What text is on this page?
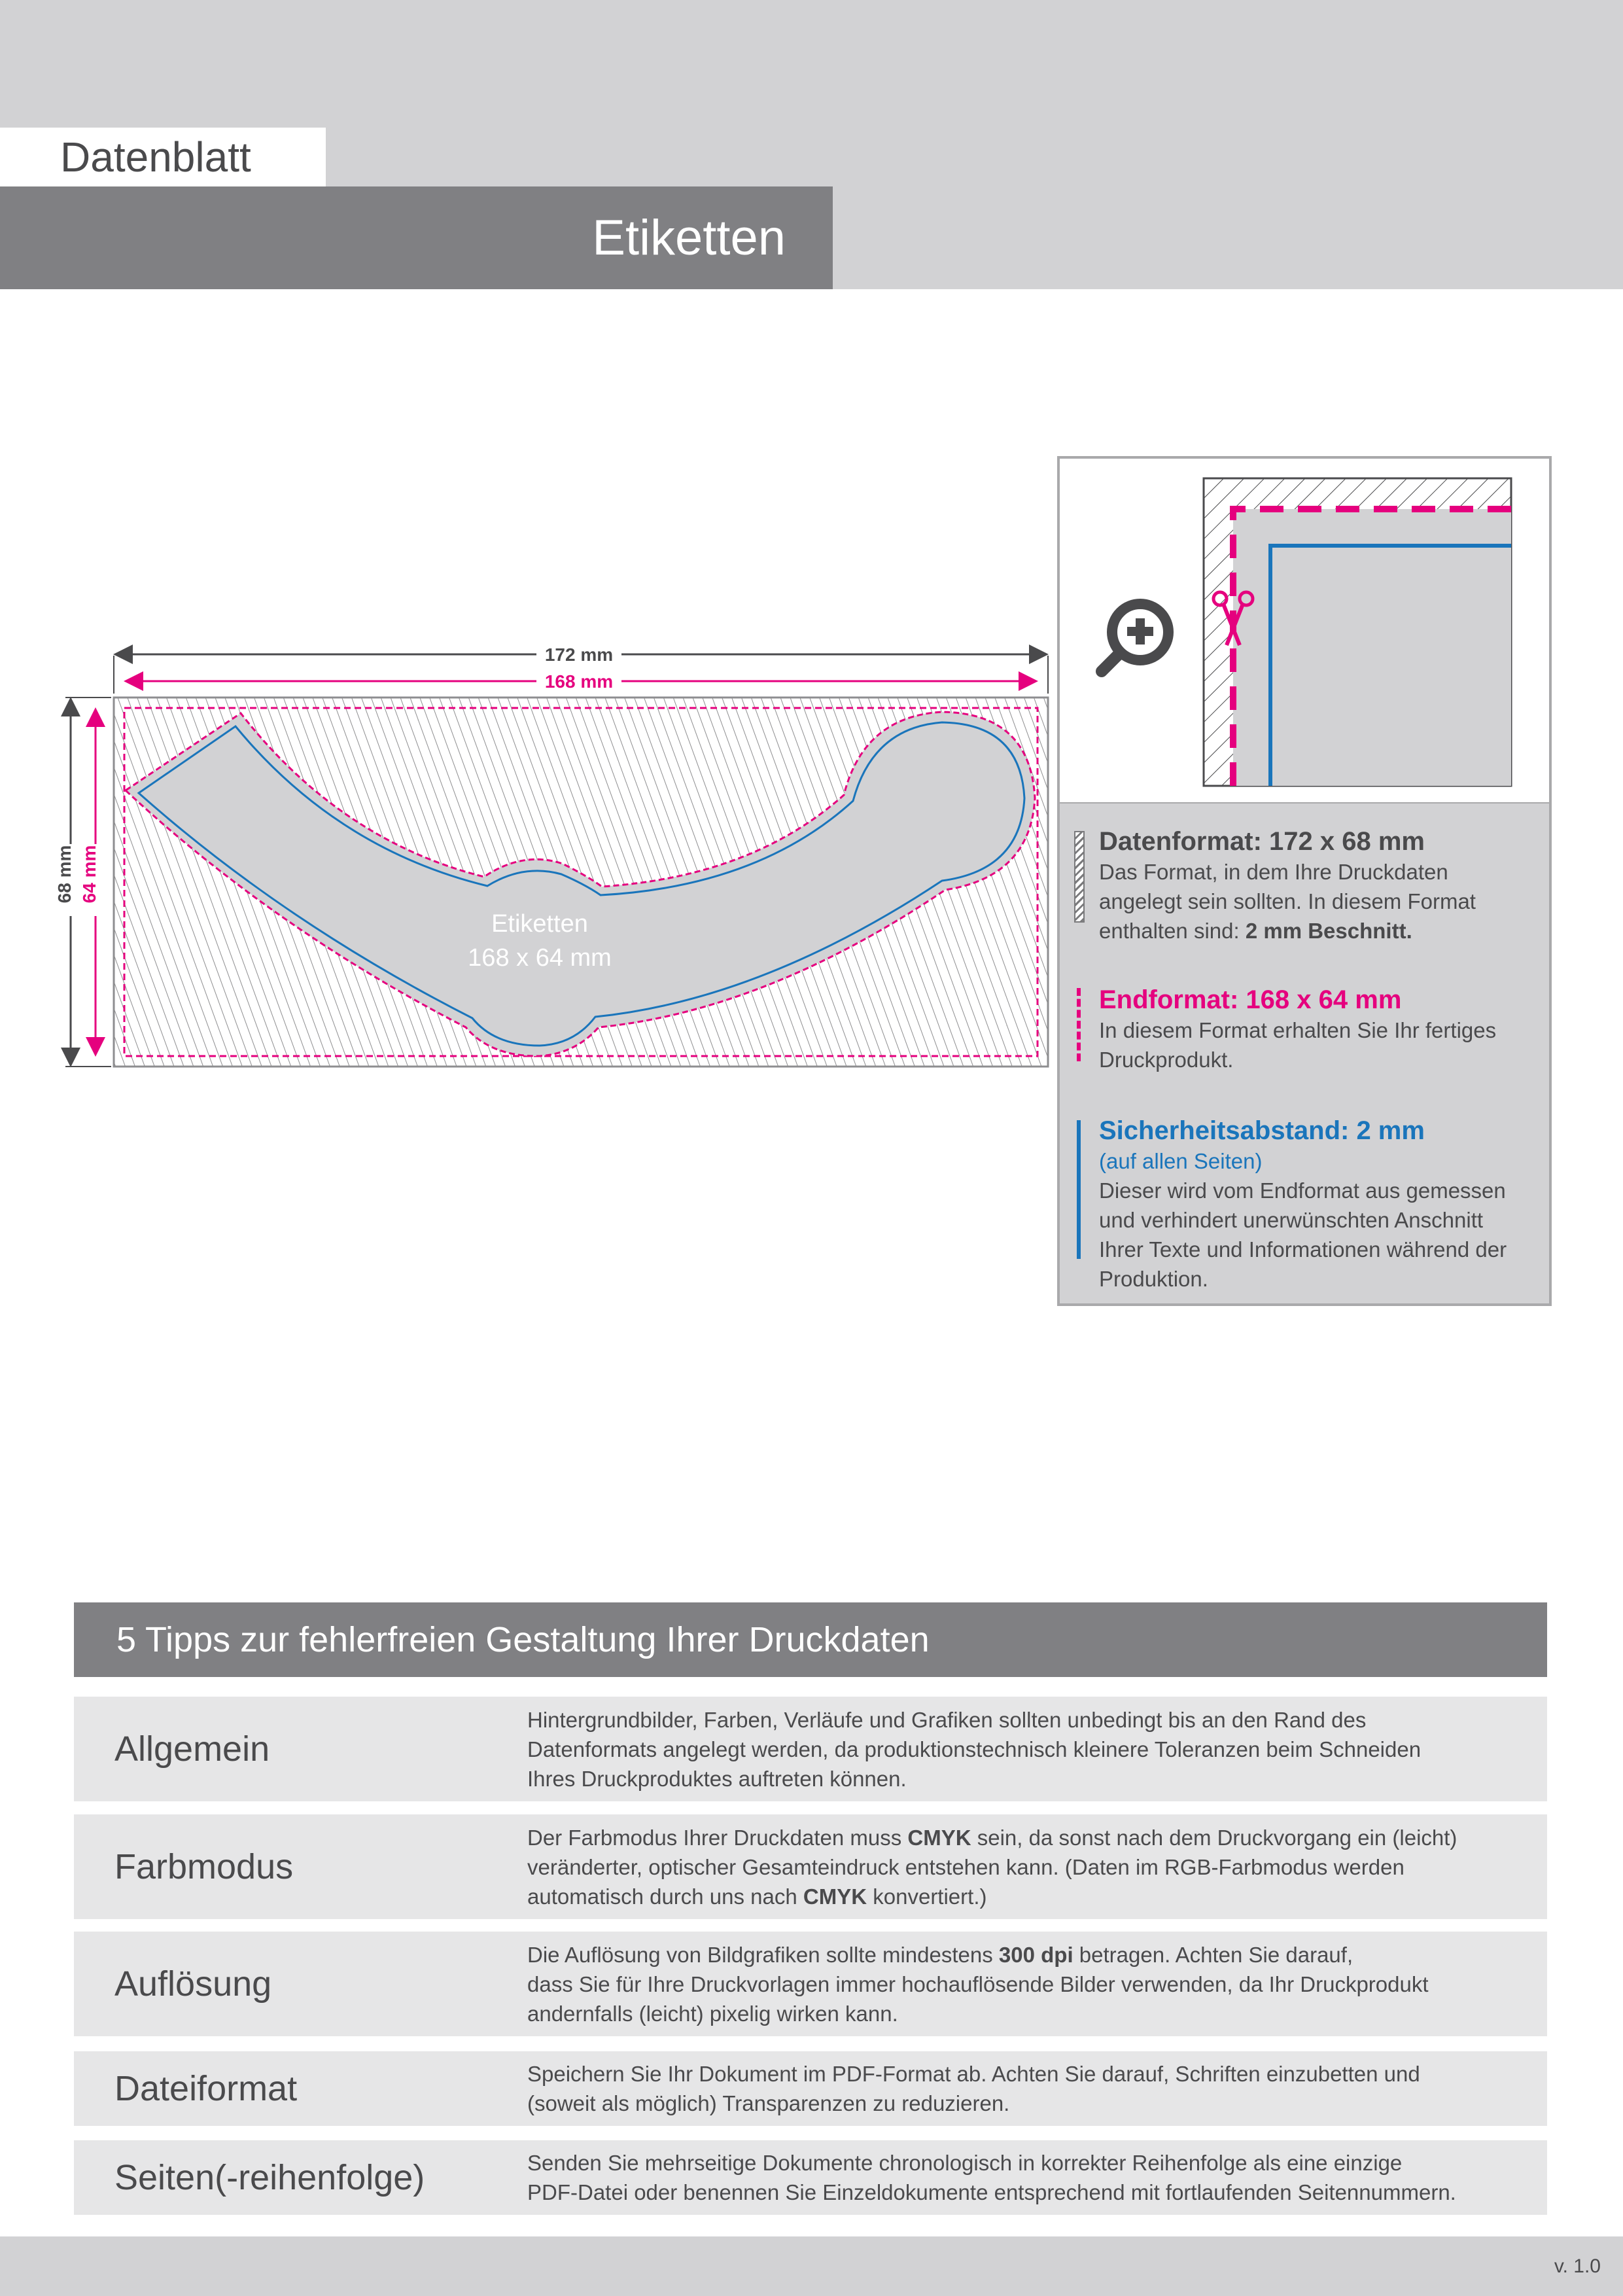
Datenblatt
Etiketten
Etiketten
168 x 64 mm
172 mm
168 mm
68 mm 64 mm
Datenformat: 172 x 68 mm
Das Format, in dem Ihre Druckdaten
angelegt sein sollten. In diesem Format
enthalten sind: 2 mm Beschnitt.
Endformat: 168 x 64 mm
In diesem Format erhalten Sie Ihr fertiges
Druckprodukt.
Sicherheitsabstand: 2 mm
(auf allen Seiten)
Dieser wird vom Endformat aus gemessen
und verhindert unerwünschten Anschnitt
Ihrer Texte und Informationen während der
Produktion.
5 Tipps zur fehlerfreien Gestaltung Ihrer Druckdaten
Allgemein
Hintergrundbilder, Farben, Verläufe und Grafiken sollten unbedingt bis an den Rand des
Datenformats angelegt werden, da produktionstechnisch kleinere Toleranzen beim Schneiden
Ihres Druckproduktes auftreten können.
Farbmodus
Der Farbmodus Ihrer Druckdaten muss CMYK sein, da sonst nach dem Druckvorgang ein (leicht)
veränderter, optischer Gesamteindruck entstehen kann. (Daten im RGB-Farbmodus werden
automatisch durch uns nach CMYK konvertiert.)
Auflösung
Die Auflösung von Bildgrafiken sollte mindestens 300 dpi betragen. Achten Sie darauf,
dass Sie für Ihre Druckvorlagen immer hochauflösende Bilder verwenden, da Ihr Druckprodukt
andernfalls (leicht) pixelig wirken kann.
Dateiformat	Speichern Sie Ihr Dokument im PDF-Format ab. Achten Sie darauf, Schriften einzubetten und
(soweit als möglich) Transparenzen zu reduzieren.
Seiten(-reihenfolge)	Senden Sie mehrseitige Dokumente chronologisch in korrekter Reihenfolge als eine einzige
PDF-Datei oder benennen Sie Einzeldokumente entsprechend mit fortlaufenden Seitennummern.
v. 1.0
